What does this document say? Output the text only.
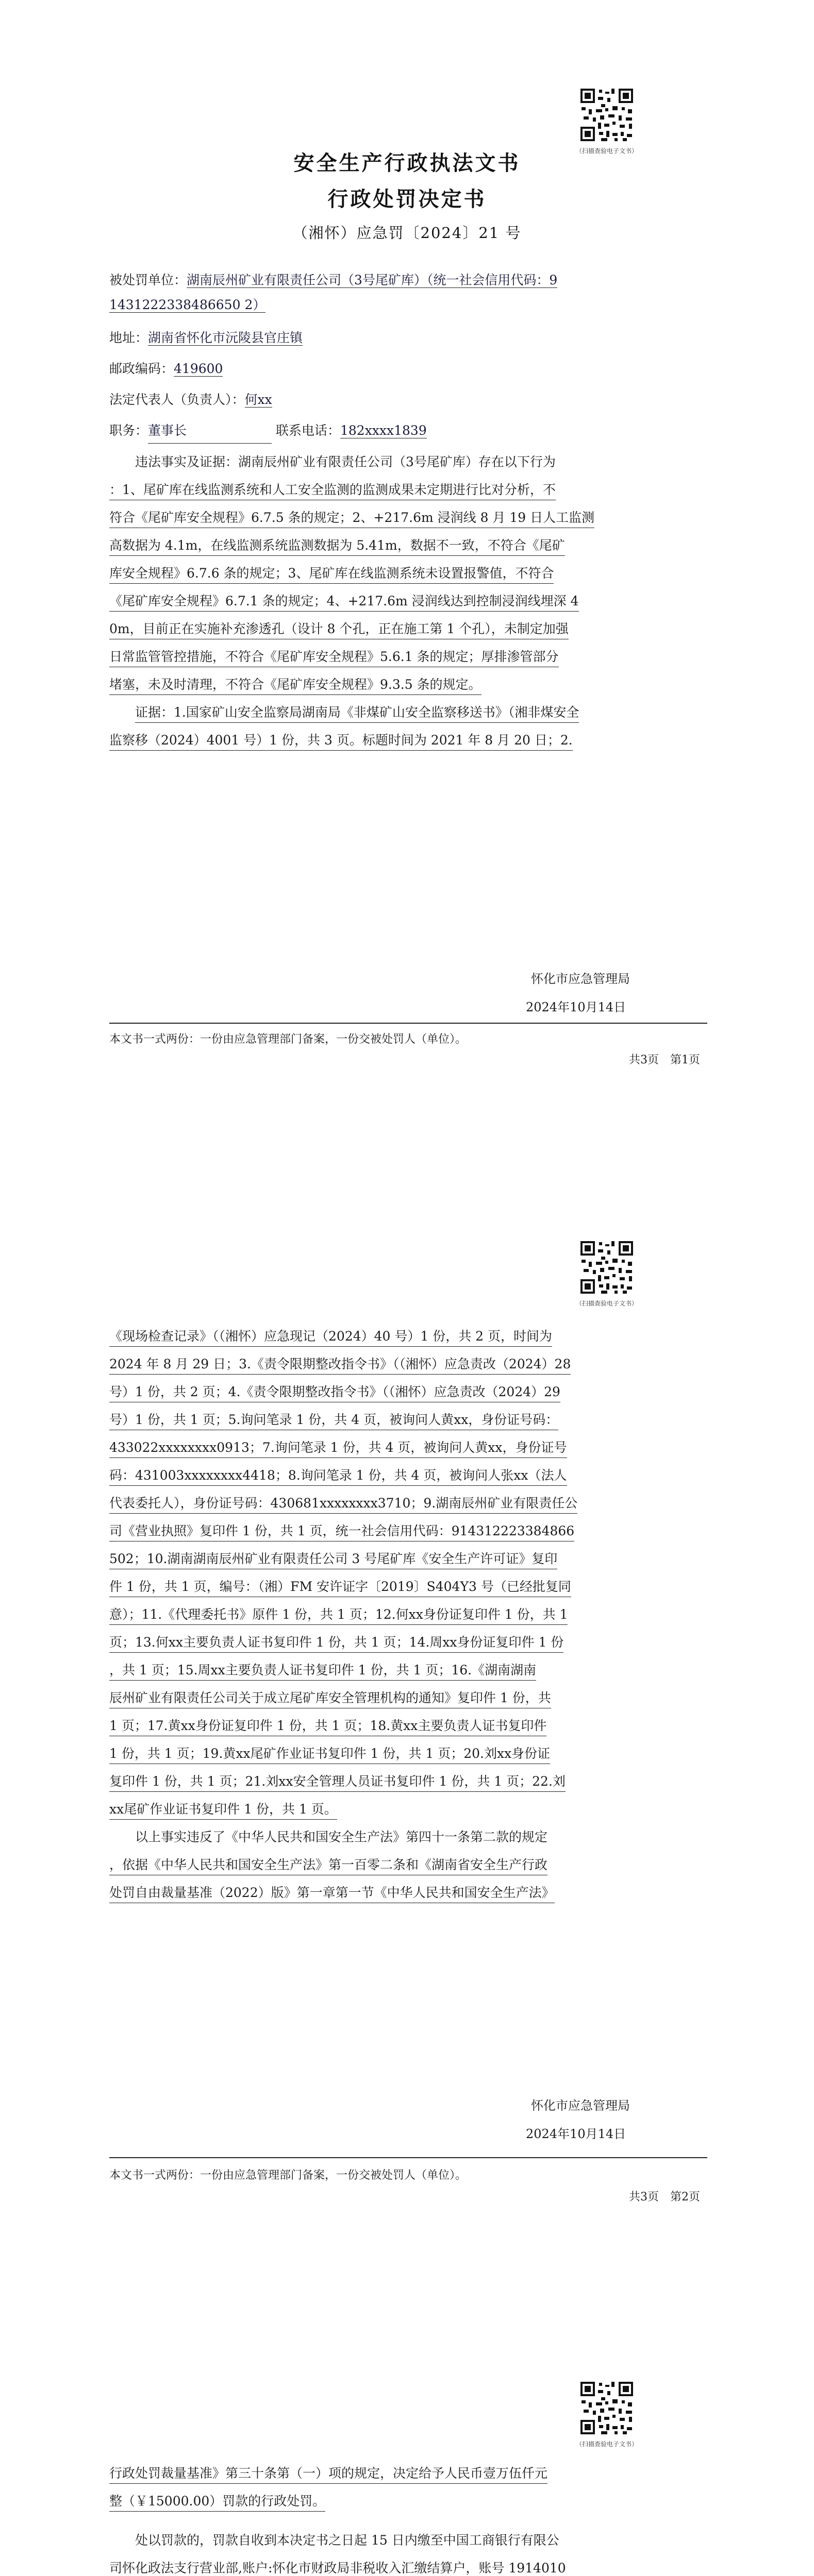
（扫描查验电子文书）
安全生产行政执法文书
行政处罚决定书
（湘怀）应急罚〔2024〕21 号
被处罚单位：湖南辰州矿业有限责任公司（3号尾矿库）（统一社会信用代码：9
1431222338486650 2）
地址：湖南省怀化市沅陵县官庄镇
邮政编码：419600
法定代表人（负责人）：何xx
职务：董事长	联系电话：182xxxx1839
违法事实及证据：湖南辰州矿业有限责任公司（3号尾矿库）存在以下行为
：1、尾矿库在线监测系统和人工安全监测的监测成果未定期进行比对分析，不
符合《尾矿库安全规程》6.7.5 条的规定；2、+217.6m 浸润线 8 月 19 日人工监测
高数据为 4.1m，在线监测系统监测数据为 5.41m，数据不一致，不符合《尾矿
库安全规程》6.7.6 条的规定；3、尾矿库在线监测系统未设置报警值，不符合
《尾矿库安全规程》6.7.1 条的规定；4、+217.6m 浸润线达到控制浸润线埋深 4
0m，目前正在实施补充渗透孔（设计 8 个孔，正在施工第 1 个孔），未制定加强
日常监管管控措施，不符合《尾矿库安全规程》5.6.1 条的规定；厚排渗管部分
堵塞，未及时清理，不符合《尾矿库安全规程》9.3.5 条的规定。
证据：1.国家矿山安全监察局湖南局《非煤矿山安全监察移送书》（湘非煤安全
监察移（2024）4001 号）1 份，共 3 页。标题时间为 2021 年 8 月 20 日；2.
怀化市应急管理局
2024年10月14日
本文书一式两份：一份由应急管理部门备案，一份交被处罚人（单位）。
共3页　第1页
（扫描查验电子文书）
《现场检查记录》（（湘怀）应急现记（2024）40 号）1 份，共 2 页，时间为
2024 年 8 月 29 日；3.《责令限期整改指令书》（（湘怀）应急责改（2024）28
号）1 份，共 2 页；4.《责令限期整改指令书》（（湘怀）应急责改（2024）29
号）1 份，共 1 页；5.询问笔录 1 份，共 4 页，被询问人黄xx，身份证号码：
433022xxxxxxxx0913；7.询问笔录 1 份，共 4 页，被询问人黄xx，身份证号
码：431003xxxxxxxx4418；8.询问笔录 1 份，共 4 页，被询问人张xx（法人
代表委托人），身份证号码：430681xxxxxxxx3710；9.湖南辰州矿业有限责任公
司《营业执照》复印件 1 份，共 1 页，统一社会信用代码：914312223384866
502；10.湖南湖南辰州矿业有限责任公司 3 号尾矿库《安全生产许可证》复印
件 1 份，共 1 页，编号：（湘）FM 安许证字〔2019〕S404Y3 号（已经批复同
意）；11.《代理委托书》原件 1 份，共 1 页；12.何xx身份证复印件 1 份，共 1
页；13.何xx主要负责人证书复印件 1 份，共 1 页；14.周xx身份证复印件 1 份
，共 1 页；15.周xx主要负责人证书复印件 1 份，共 1 页；16.《湖南湖南
辰州矿业有限责任公司关于成立尾矿库安全管理机构的通知》复印件 1 份，共
1 页；17.黄xx身份证复印件 1 份，共 1 页；18.黄xx主要负责人证书复印件
1 份，共 1 页；19.黄xx尾矿作业证书复印件 1 份，共 1 页；20.刘xx身份证
复印件 1 份，共 1 页；21.刘xx安全管理人员证书复印件 1 份，共 1 页；22.刘
xx尾矿作业证书复印件 1 份，共 1 页。
以上事实违反了《中华人民共和国安全生产法》第四十一条第二款的规定
，依据《中华人民共和国安全生产法》第一百零二条和《湖南省安全生产行政
处罚自由裁量基准（2022）版》第一章第一节《中华人民共和国安全生产法》
怀化市应急管理局
2024年10月14日
本文书一式两份：一份由应急管理部门备案，一份交被处罚人（单位）。
共3页　第2页
（扫描查验电子文书）
行政处罚裁量基准》第三十条第（一）项的规定，决定给予人民币壹万伍仟元
整（￥15000.00）罚款的行政处罚。
处以罚款的，罚款自收到本决定书之日起 15 日内缴至中国工商银行有限公
司怀化政法支行营业部,账户:怀化市财政局非税收入汇缴结算户，账号 1914010
